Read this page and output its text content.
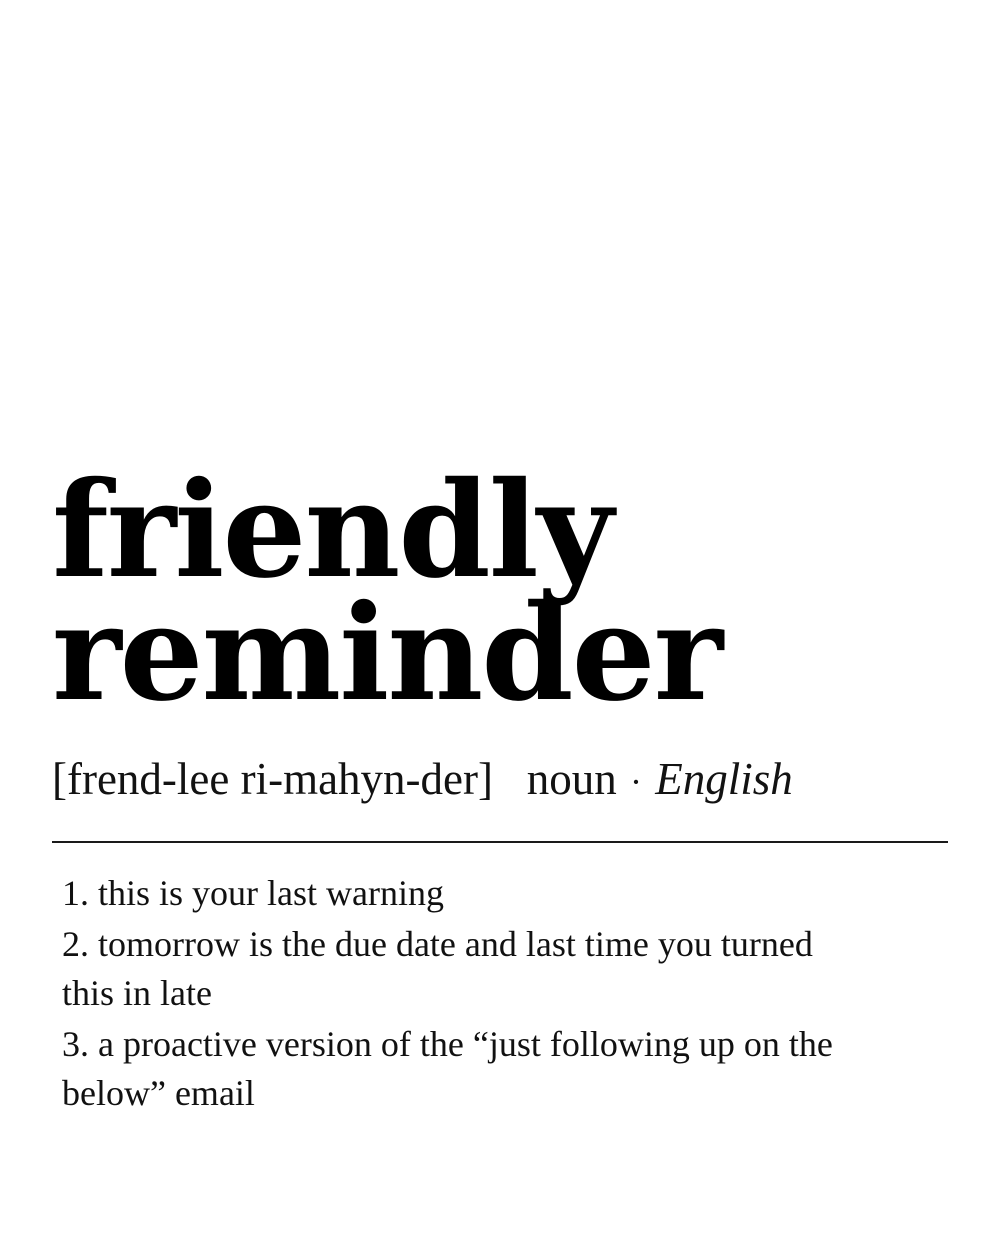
friendly
reminder
[frend-lee ri-mahyn-der] noun · English

1. this is your last warning

2. tomorrow is the due date and last time you turned this in late

3. a proactive version of the “just following up on the below” email
